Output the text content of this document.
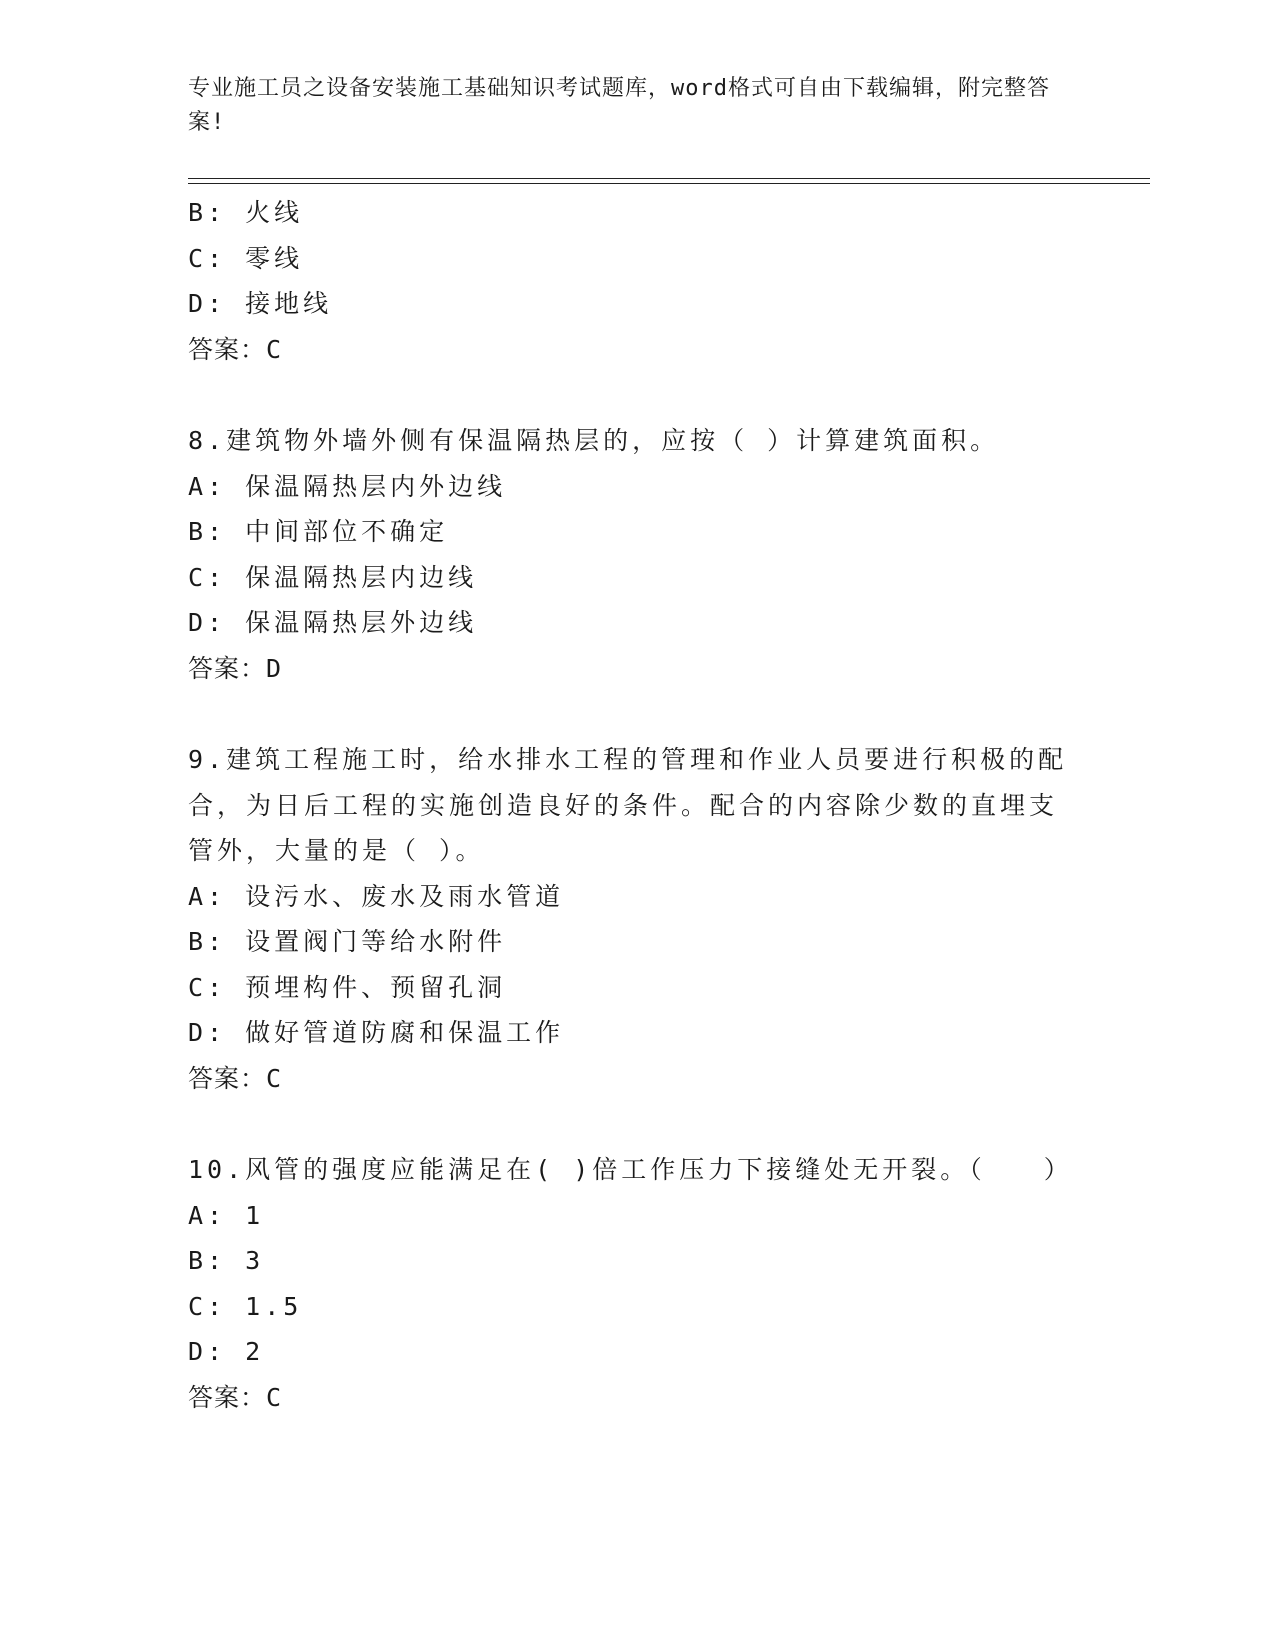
专业施工员之设备安装施工基础知识考试题库，word格式可自由下载编辑，附完整答案!
B: 火线
C: 零线
D: 接地线
答案：C
8.建筑物外墙外侧有保温隔热层的，应按（ ）计算建筑面积。
A: 保温隔热层内外边线
B: 中间部位不确定
C: 保温隔热层内边线
D: 保温隔热层外边线
答案：D
9.建筑工程施工时，给水排水工程的管理和作业人员要进行积极的配合，为日后工程的实施创造良好的条件。配合的内容除少数的直埋支管外，大量的是（ ）。
A: 设污水、废水及雨水管道
B: 设置阀门等给水附件
C: 预埋构件、预留孔洞
D: 做好管道防腐和保温工作
答案：C
10.风管的强度应能满足在( )倍工作压力下接缝处无开裂。（　　）
A: 1
B: 3
C: 1.5
D: 2
答案：C
